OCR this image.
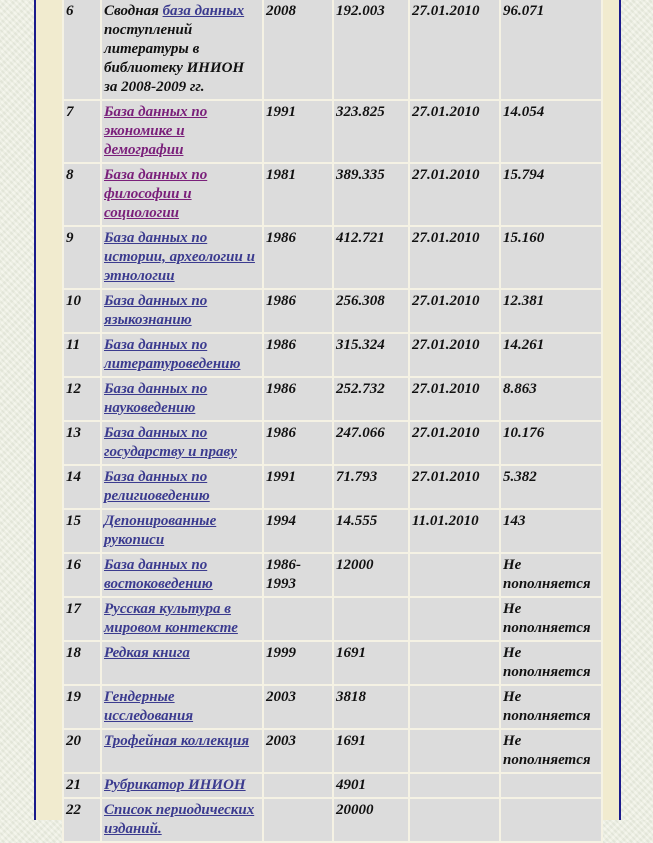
6	Сводная база данных поступлений литературы в библиотеку ИНИОН за 2008-2009 гг.	2008	192.003	27.01.2010	96.071
7	База данных по экономике и демографии	1991	323.825	27.01.2010	14.054
8	База данных по философии и социологии	1981	389.335	27.01.2010	15.794
9	База данных по истории, археологии и этнологии	1986	412.721	27.01.2010	15.160
10	База данных по языкознанию	1986	256.308	27.01.2010	12.381
11	База данных по литературоведению	1986	315.324	27.01.2010	14.261
12	База данных по науковедению	1986	252.732	27.01.2010	8.863
13	База данных по государству и праву	1986	247.066	27.01.2010	10.176
14	База данных по религиоведению	1991	71.793	27.01.2010	5.382
15	Депонированные рукописи	1994	14.555	11.01.2010	143
16	База данных по востоковедению	1986-1993	12000		Не пополняется
17	Русская культура в мировом контексте				Не пополняется
18	Редкая книга	1999	1691		Не пополняется
19	Гендерные исследования	2003	3818		Не пополняется
20	Трофейная коллекция	2003	1691		Не пополняется
21	Рубрикатор ИНИОН		4901		
22	Список периодических изданий.		20000		
